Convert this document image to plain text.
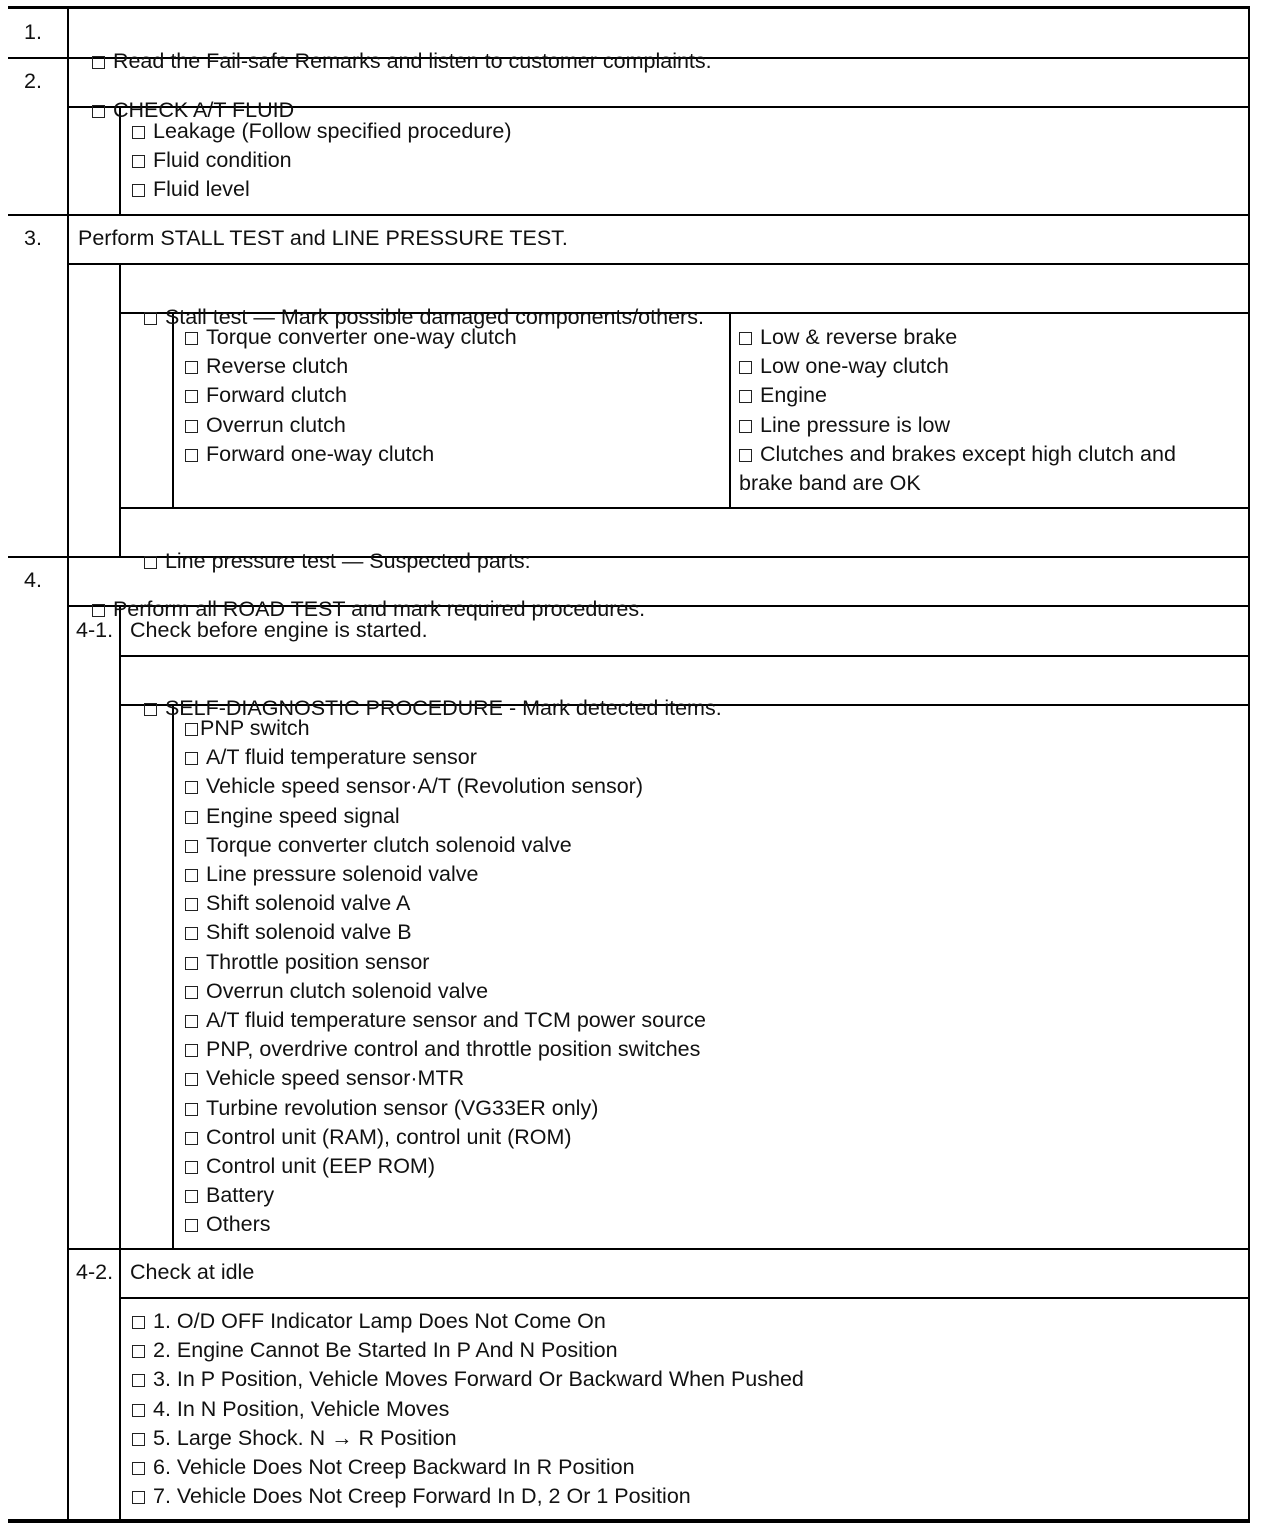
1.

Read the Fail-safe Remarks and listen to customer complaints.

2.

CHECK A/T FLUID

Leakage (Follow specified procedure)
Fluid condition
Fluid level
3. Perform STALL TEST and LINE PRESSURE TEST.

Stall test — Mark possible damaged components/others.

Torque converter one-way clutch
Reverse clutch
Forward clutch
Overrun clutch
Forward one-way clutch
Low & reverse brake
Low one-way clutch
Engine
Line pressure is low
Clutches and brakes except high clutch and
brake band are OK

Line pressure test — Suspected parts:

4.

Perform all ROAD TEST and mark required procedures.

4-1. Check before engine is started.

SELF-DIAGNOSTIC PROCEDURE - Mark detected items.

PNP switch
A/T fluid temperature sensor
Vehicle speed sensor·A/T (Revolution sensor)
Engine speed signal
Torque converter clutch solenoid valve
Line pressure solenoid valve
Shift solenoid valve A
Shift solenoid valve B
Throttle position sensor
Overrun clutch solenoid valve
A/T fluid temperature sensor and TCM power source
PNP, overdrive control and throttle position switches
Vehicle speed sensor·MTR
Turbine revolution sensor (VG33ER only)
Control unit (RAM), control unit (ROM)
Control unit (EEP ROM)
Battery
Others
4-2. Check at idle
1. O/D OFF Indicator Lamp Does Not Come On
2. Engine Cannot Be Started In P And N Position
3. In P Position, Vehicle Moves Forward Or Backward When Pushed
4. In N Position, Vehicle Moves
5. Large Shock. N → R Position
6. Vehicle Does Not Creep Backward In R Position
7. Vehicle Does Not Creep Forward In D, 2 Or 1 Position
